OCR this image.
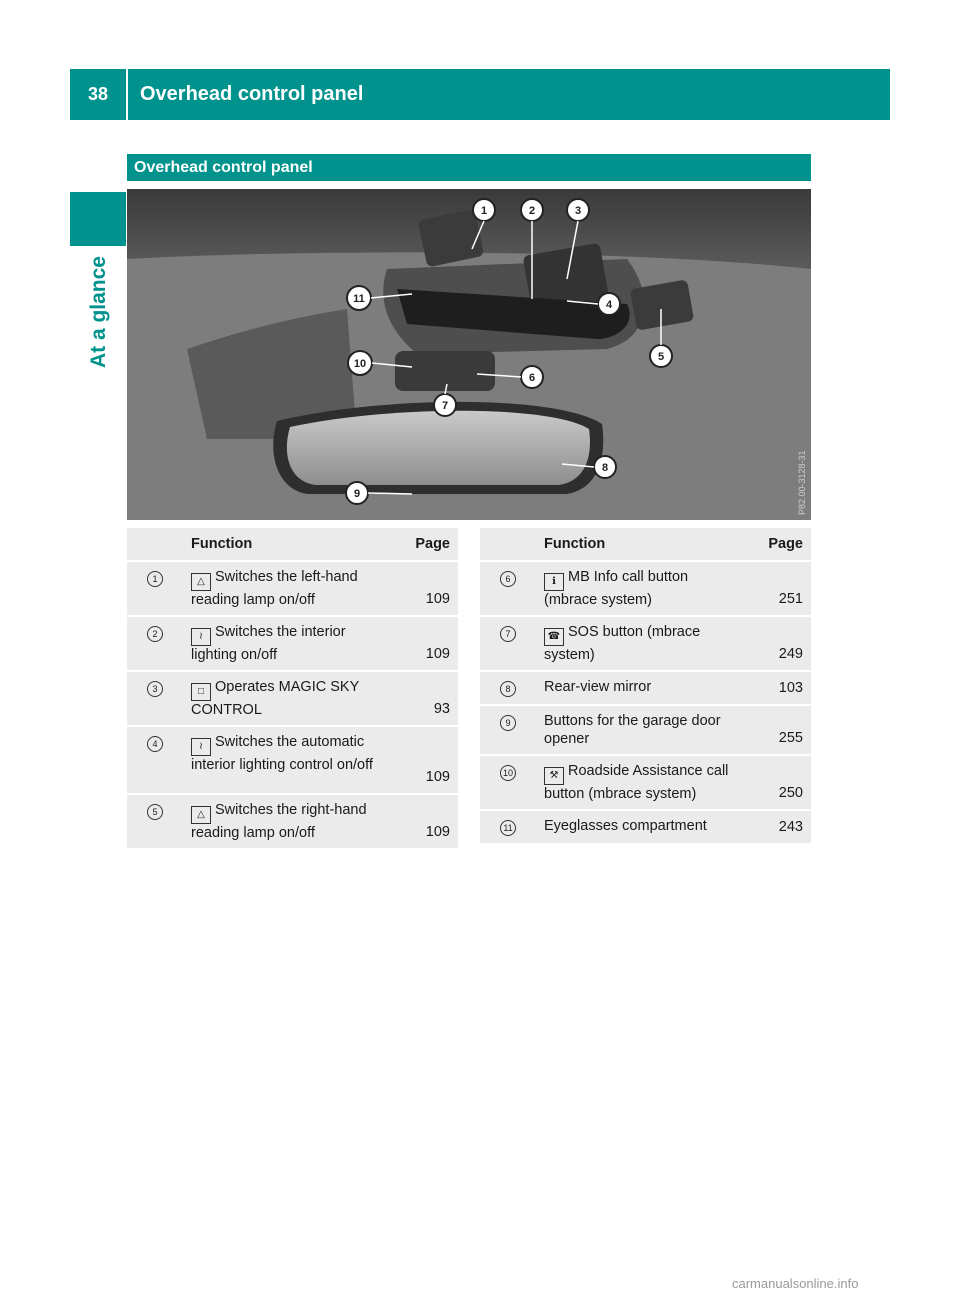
38	Overhead control panel
At a glance
Overhead control panel
1	2	3
4
5
6
7
8
9
10
11
P82.00-3128-31
	Function	Page
1	△ Switches the left-hand reading lamp on/off	109
2	≀ Switches the interior lighting on/off	109
3	□ Operates MAGIC SKY CONTROL	93
4	≀ Switches the automatic interior lighting control on/off	109
5	△ Switches the right-hand reading lamp on/off	109
	Function	Page
6	ℹ MB Info call button (mbrace system)	251
7	☎ SOS button (mbrace system)	249
8	Rear-view mirror	103
9	Buttons for the garage door opener	255
10	⚒ Roadside Assistance call button (mbrace system)	250
11	Eyeglasses compartment	243
carmanualsonline.info
